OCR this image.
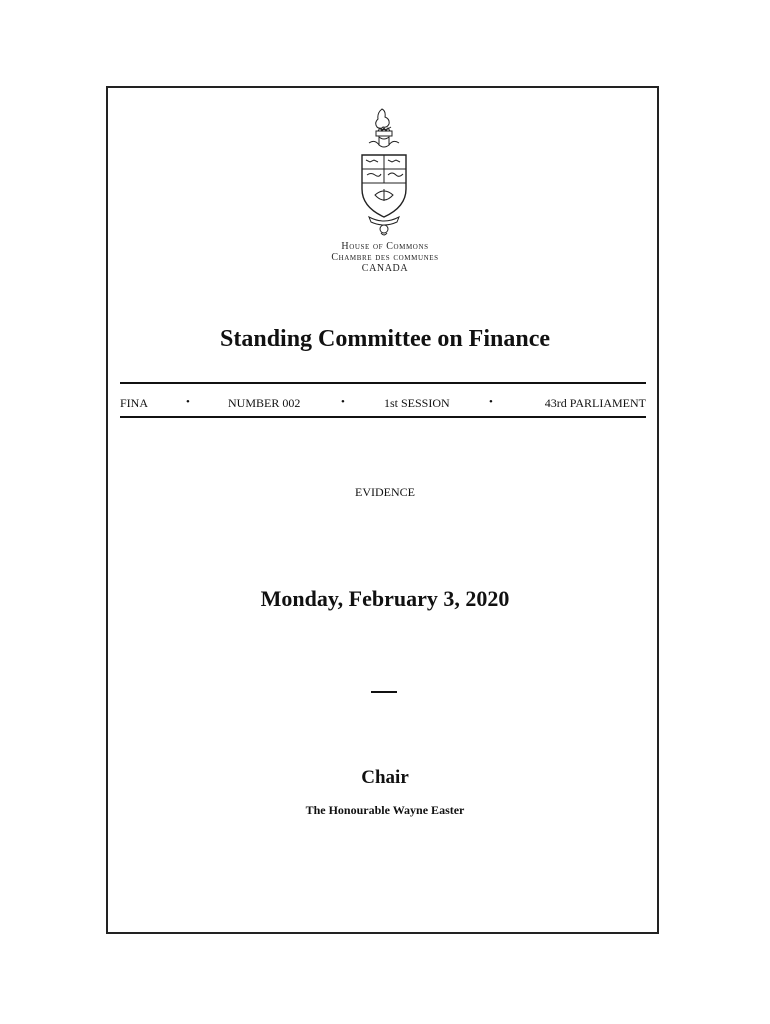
House of Commons
Chambre des communes
CANADA
Standing Committee on Finance
FINA	•	NUMBER 002	•	1st SESSION	•	43rd PARLIAMENT
EVIDENCE
Monday, February 3, 2020
Chair
The Honourable Wayne Easter
